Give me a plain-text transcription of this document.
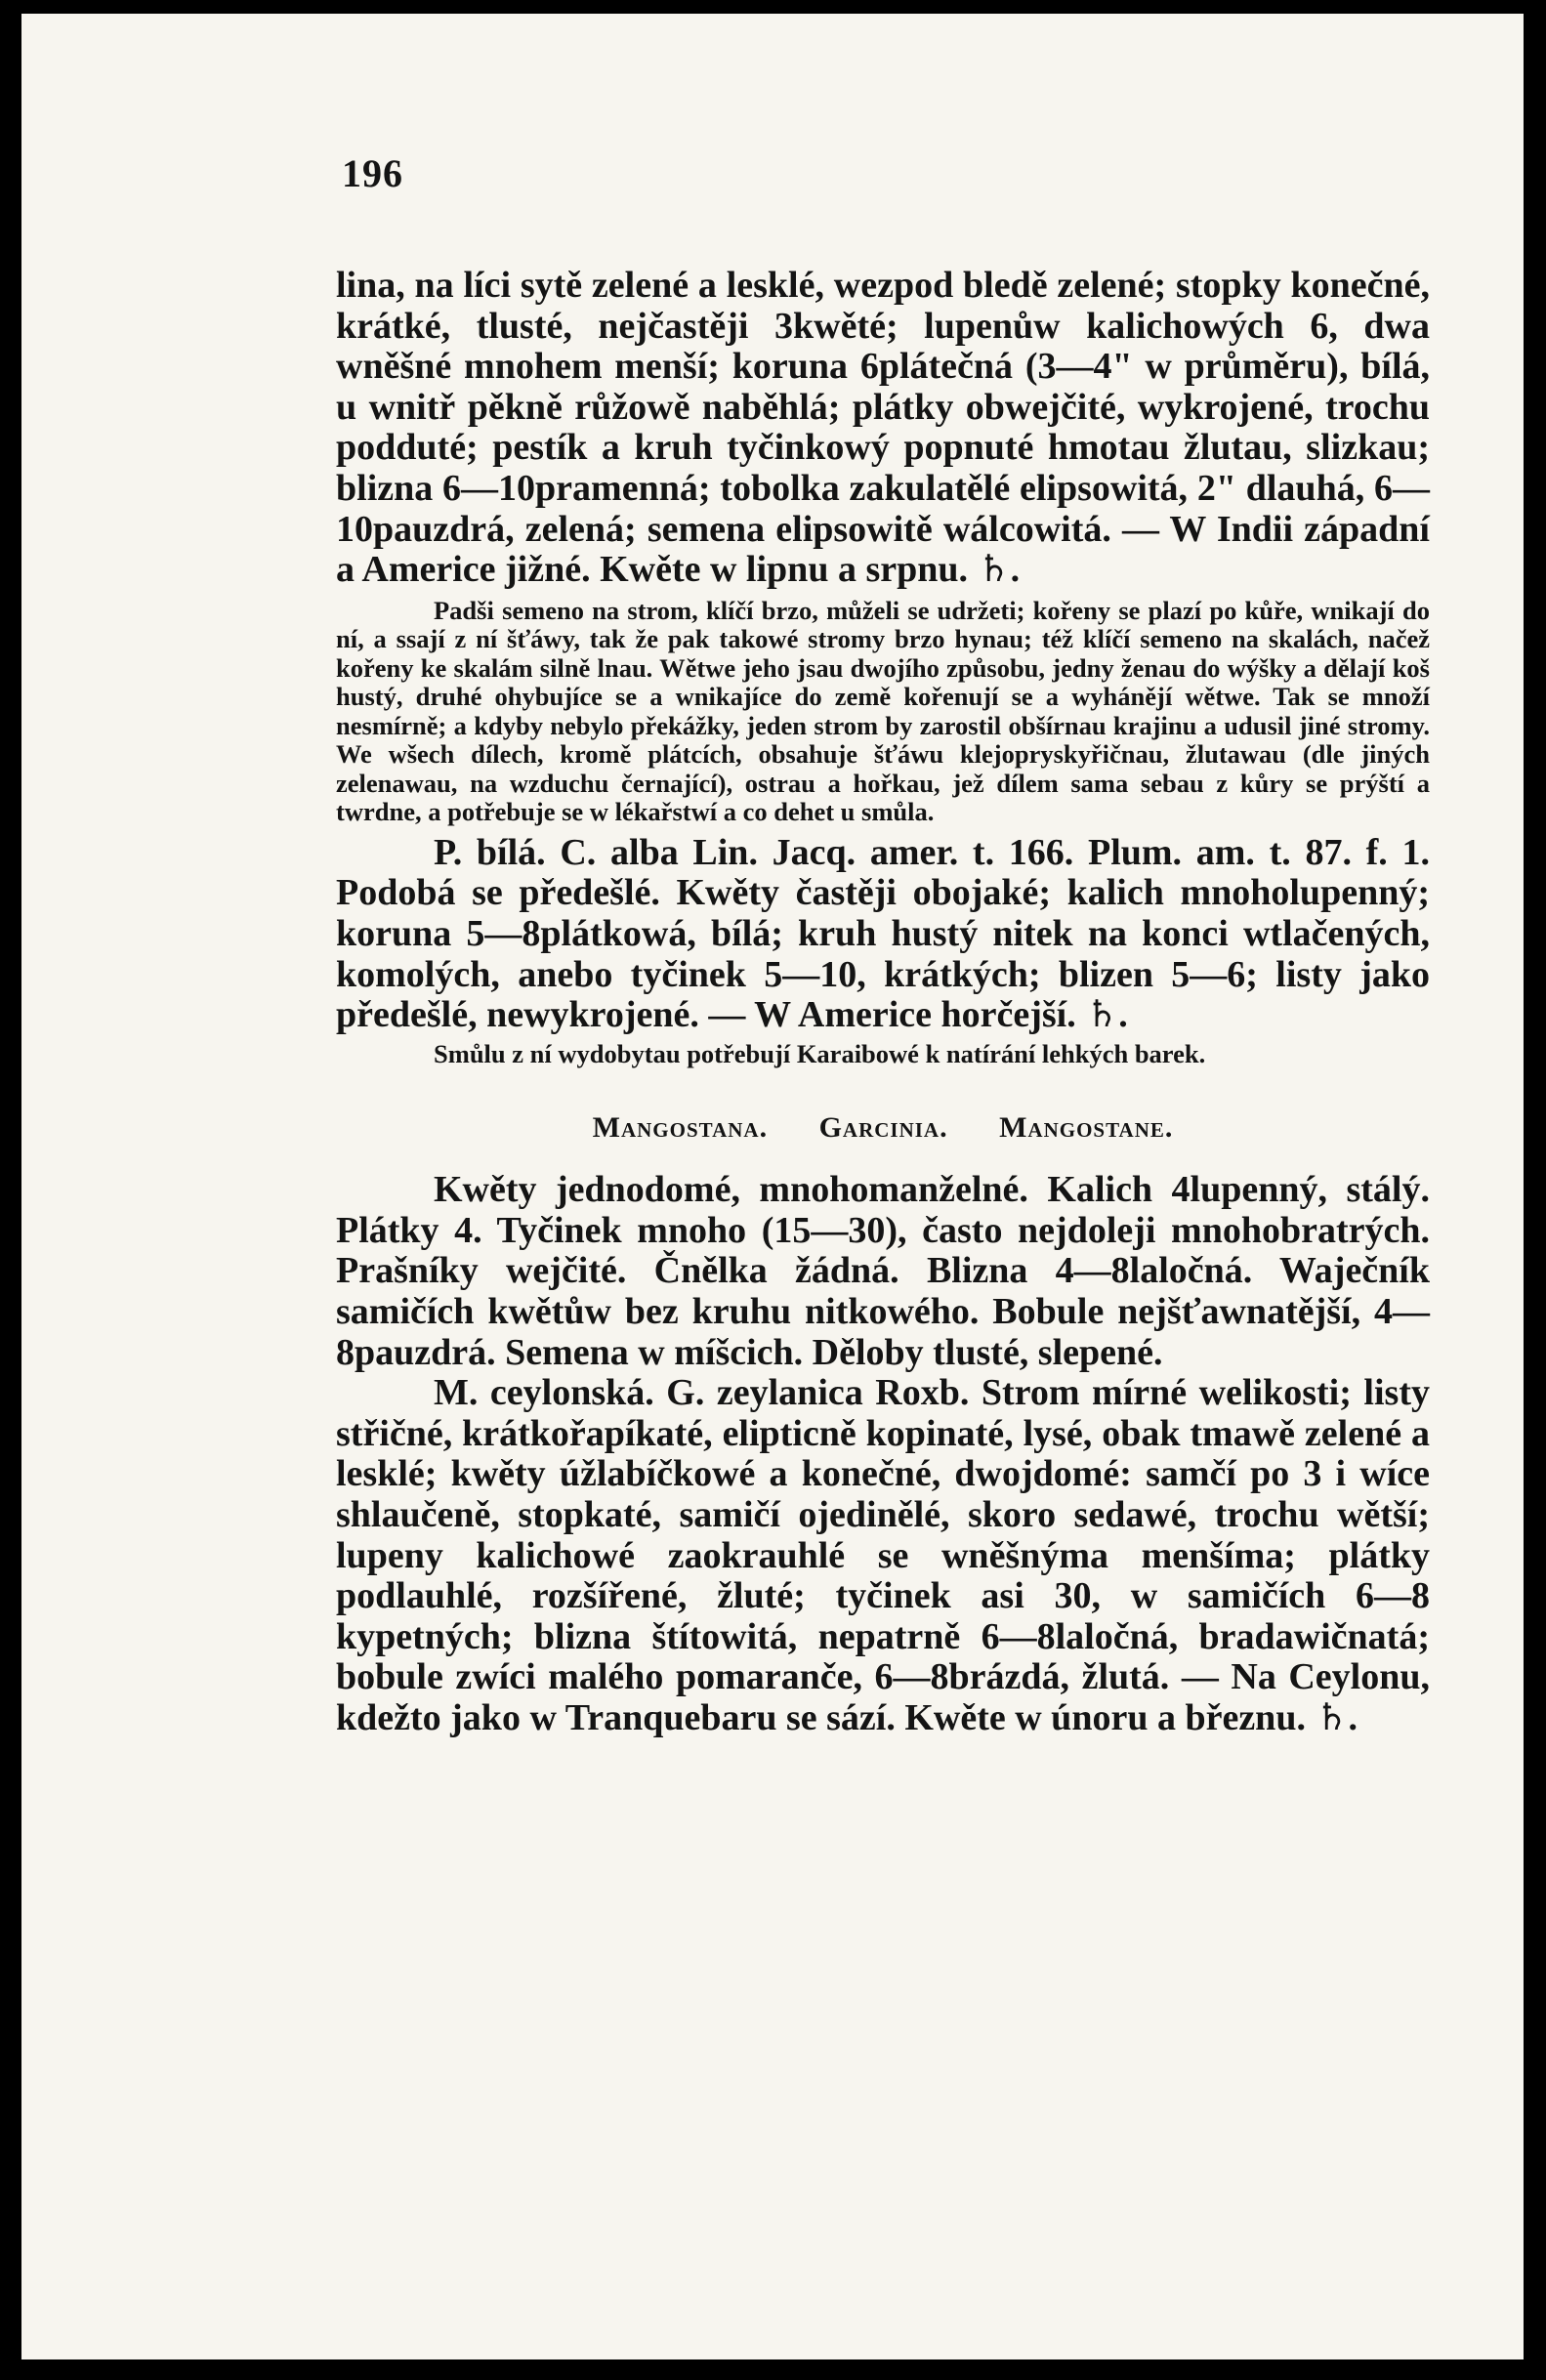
196

lina, na líci sytě zelené a lesklé, wezpod bledě zelené; stopky konečné, krátké, tlusté, nejčastěji 3kwěté; lupenůw kalichowých 6, dwa wněšné mnohem menší; koruna 6plátečná (3—4" w průměru), bílá, u wnitř pěkně růžowě naběhlá; plátky obwejčité, wykrojené, trochu podduté; pestík a kruh tyčinkowý popnuté hmotau žlutau, slizkau; blizna 6—10pramenná; tobolka zakulatělé elipsowitá, 2" dlauhá, 6—10pauzdrá, zelená; semena elipsowitě wálcowitá. — W Indii západní a Americe jižné. Kwěte w lipnu a srpnu. ♄.

Padši semeno na strom, klíčí brzo, můželi se udržeti; kořeny se plazí po kůře, wnikají do ní, a ssají z ní šťáwy, tak že pak takowé stromy brzo hynau; též klíčí semeno na skalách, načež kořeny ke skalám silně lnau. Wětwe jeho jsau dwojího způsobu, jedny ženau do wýšky a dělají koš hustý, druhé ohybujíce se a wnikajíce do země kořenují se a wyhánějí wětwe. Tak se množí nesmírně; a kdyby nebylo překážky, jeden strom by zarostil obšírnau krajinu a udusil jiné stromy. We wšech dílech, kromě plátcích, obsahuje šťáwu klejopryskyřičnau, žlutawau (dle jiných zelenawau, na wzduchu černající), ostrau a hořkau, jež dílem sama sebau z kůry se prýští a twrdne, a potřebuje se w lékařstwí a co dehet u smůla.

P. bílá. C. alba Lin. Jacq. amer. t. 166. Plum. am. t. 87. f. 1. Podobá se předešlé. Kwěty častěji obojaké; kalich mnoholupenný; koruna 5—8plátkowá, bílá; kruh hustý nitek na konci wtlačených, komolých, anebo tyčinek 5—10, krátkých; blizen 5—6; listy jako předešlé, newykrojené. — W Americe horčejší. ♄.

Smůlu z ní wydobytau potřebují Karaibowé k natírání lehkých barek.

Mangostana. Garcinia. Mangostane.

Kwěty jednodomé, mnohomanželné. Kalich 4lupenný, stálý. Plátky 4. Tyčinek mnoho (15—30), často nejdoleji mnohobratrých. Prašníky wejčité. Čnělka žádná. Blizna 4—8laločná. Waječník samičích kwětůw bez kruhu nitkowého. Bobule nejšťawnatější, 4—8pauzdrá. Semena w míšcich. Děloby tlusté, slepené.

M. ceylonská. G. zeylanica Roxb. Strom mírné welikosti; listy střičné, krátkořapíkaté, elipticně kopinaté, lysé, obak tmawě zelené a lesklé; kwěty úžlabíčkowé a konečné, dwojdomé: samčí po 3 i wíce shlaučeně, stopkaté, samičí ojedinělé, skoro sedawé, trochu wětší; lupeny kalichowé zaokrauhlé se wněšnýma menšíma; plátky podlauhlé, rozšířené, žluté; tyčinek asi 30, w samičích 6—8 kypetných; blizna štítowitá, nepatrně 6—8laločná, bradawičnatá; bobule zwíci malého pomaranče, 6—8brázdá, žlutá. — Na Ceylonu, kdežto jako w Tranquebaru se sází. Kwěte w únoru a březnu. ♄.
